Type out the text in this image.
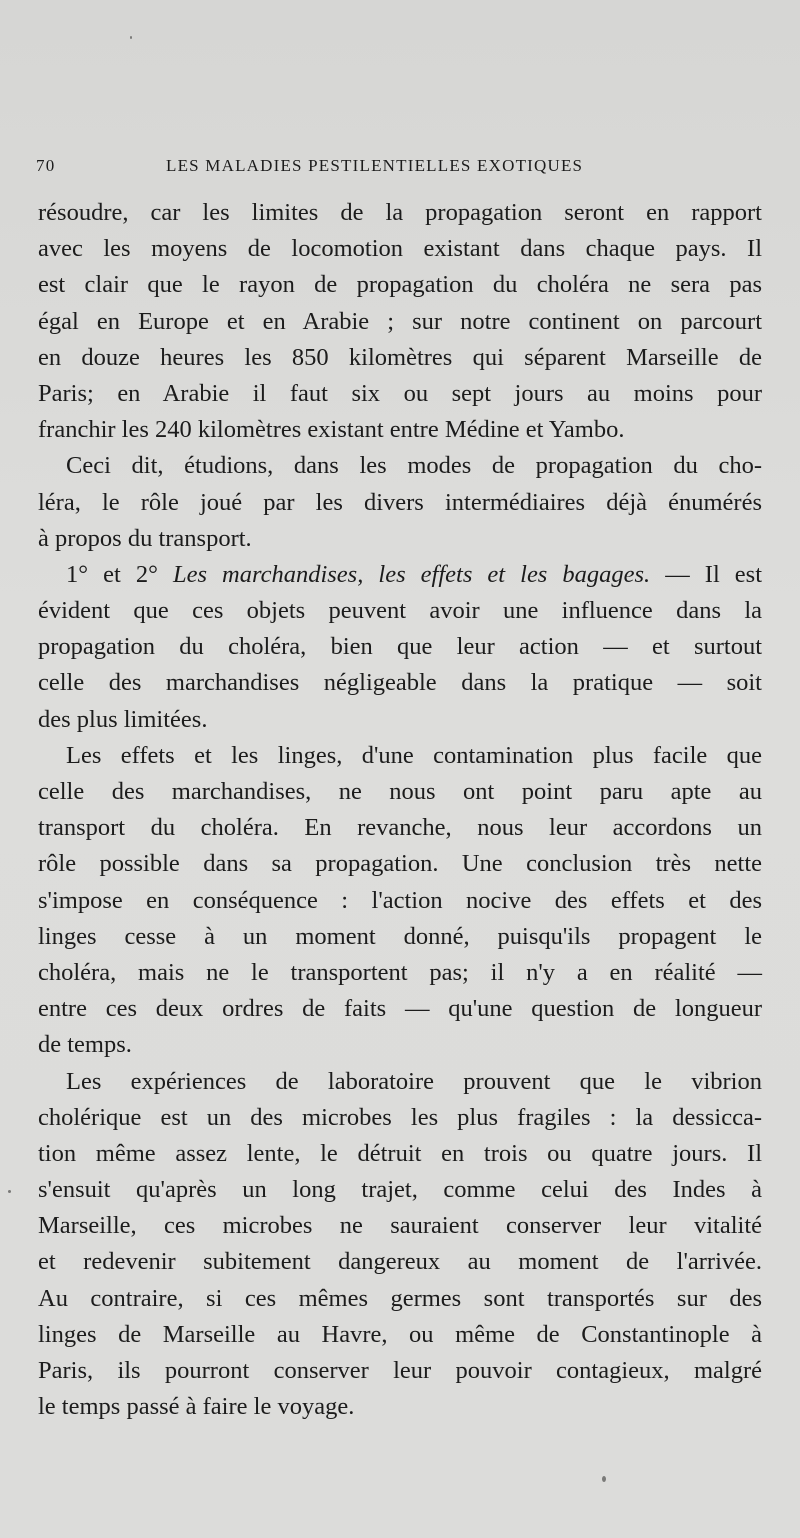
70	LES MALADIES PESTILENTIELLES EXOTIQUES
résoudre, car les limites de la propagation seront en rapport
avec les moyens de locomotion existant dans chaque pays. Il
est clair que le rayon de propagation du choléra ne sera pas
égal en Europe et en Arabie ; sur notre continent on parcourt
en douze heures les 850 kilomètres qui séparent Marseille de
Paris; en Arabie il faut six ou sept jours au moins pour
franchir les 240 kilomètres existant entre Médine et Yambo.
Ceci dit, étudions, dans les modes de propagation du cho-
léra, le rôle joué par les divers intermédiaires déjà énumérés
à propos du transport.
1° et 2° Les marchandises, les effets et les bagages. — Il est
évident que ces objets peuvent avoir une influence dans la
propagation du choléra, bien que leur action — et surtout
celle des marchandises négligeable dans la pratique — soit
des plus limitées.
Les effets et les linges, d'une contamination plus facile que
celle des marchandises, ne nous ont point paru apte au
transport du choléra. En revanche, nous leur accordons un
rôle possible dans sa propagation. Une conclusion très nette
s'impose en conséquence : l'action nocive des effets et des
linges cesse à un moment donné, puisqu'ils propagent le
choléra, mais ne le transportent pas; il n'y a en réalité —
entre ces deux ordres de faits — qu'une question de longueur
de temps.
Les expériences de laboratoire prouvent que le vibrion
cholérique est un des microbes les plus fragiles : la dessicca-
tion même assez lente, le détruit en trois ou quatre jours. Il
s'ensuit qu'après un long trajet, comme celui des Indes à
Marseille, ces microbes ne sauraient conserver leur vitalité
et redevenir subitement dangereux au moment de l'arrivée.
Au contraire, si ces mêmes germes sont transportés sur des
linges de Marseille au Havre, ou même de Constantinople à
Paris, ils pourront conserver leur pouvoir contagieux, malgré
le temps passé à faire le voyage.
